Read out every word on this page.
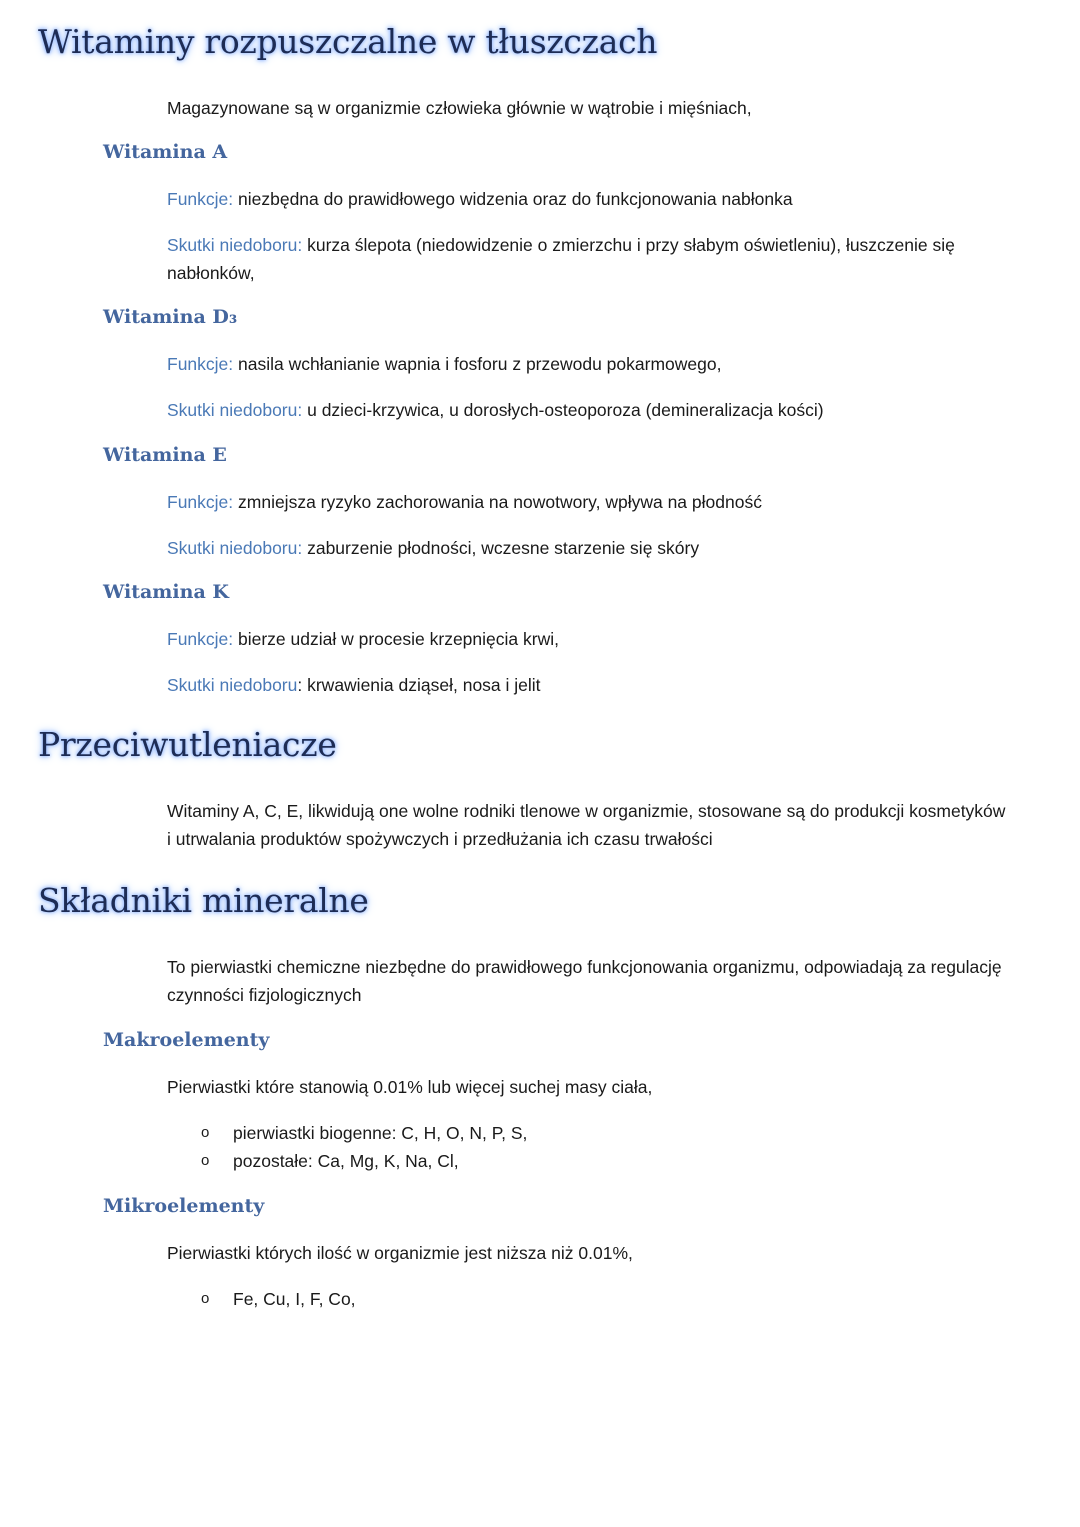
Witaminy rozpuszczalne w tłuszczach

Magazynowane są w organizmie człowieka głównie w wątrobie i mięśniach,

Witamina A

Funkcje: niezbędna do prawidłowego widzenia oraz do funkcjonowania nabłonka

Skutki niedoboru: kurza ślepota (niedowidzenie o zmierzchu i przy słabym oświetleniu), łuszczenie się nabłonków,

Witamina D₃

Funkcje: nasila wchłanianie wapnia i fosforu z przewodu pokarmowego,

Skutki niedoboru: u dzieci-krzywica, u dorosłych-osteoporoza (demineralizacja kości)

Witamina E

Funkcje: zmniejsza ryzyko zachorowania na nowotwory, wpływa na płodność

Skutki niedoboru: zaburzenie płodności, wczesne starzenie się skóry

Witamina K

Funkcje: bierze udział w procesie krzepnięcia krwi,

Skutki niedoboru: krwawienia dziąseł, nosa i jelit

Przeciwutleniacze

Witaminy A, C, E, likwidują one wolne rodniki tlenowe w organizmie, stosowane są do produkcji kosmetyków i utrwalania produktów spożywczych i przedłużania ich czasu trwałości

Składniki mineralne

To pierwiastki chemiczne niezbędne do prawidłowego funkcjonowania organizmu, odpowiadają za regulację czynności fizjologicznych

Makroelementy

Pierwiastki które stanowią 0.01% lub więcej suchej masy ciała,

o pierwiastki biogenne: C, H, O, N, P, S,
o pozostałe: Ca, Mg, K, Na, Cl,
Mikroelementy

Pierwiastki których ilość w organizmie jest niższa niż 0.01%,

o Fe, Cu, I, F, Co,
